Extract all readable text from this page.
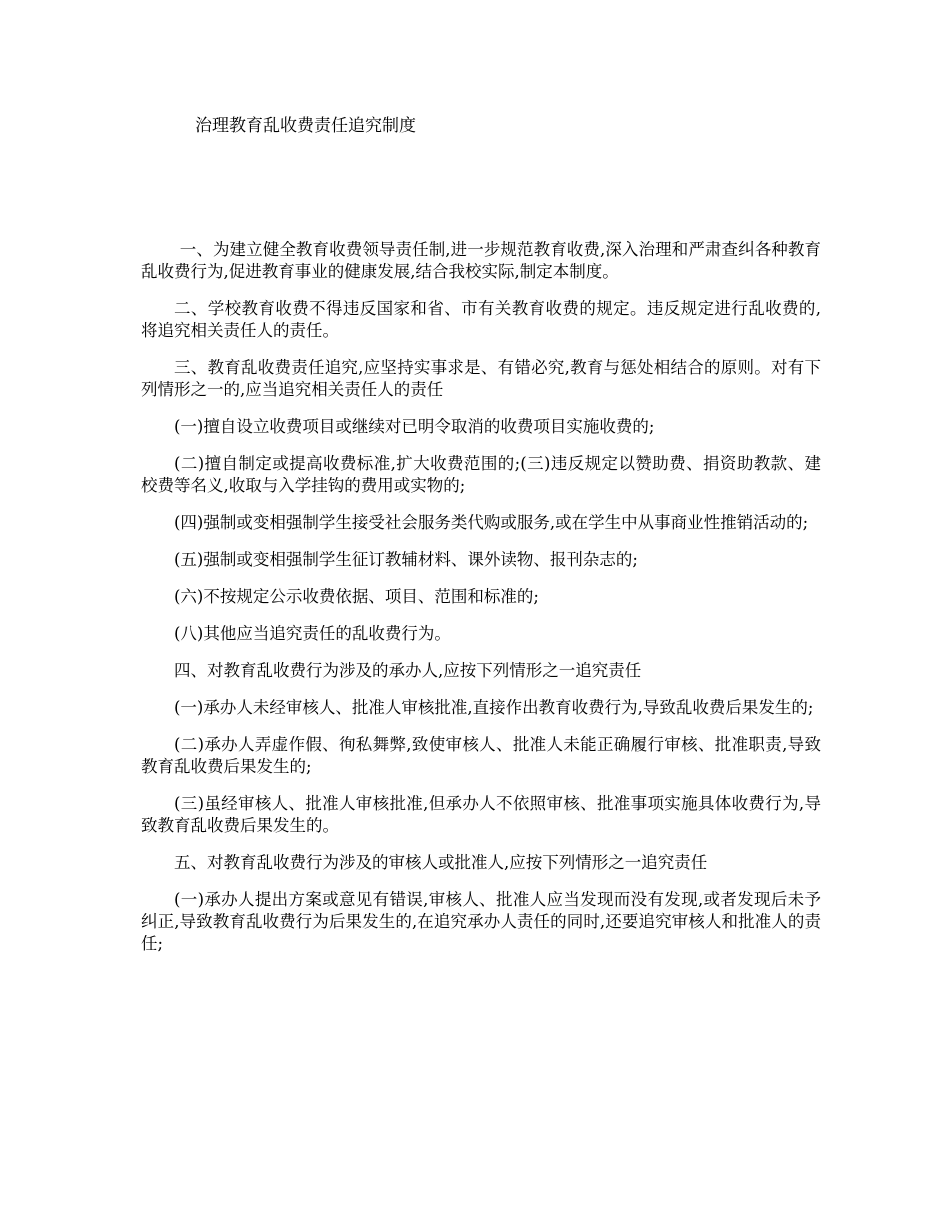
治理教育乱收费责任追究制度

一、为建立健全教育收费领导责任制,进一步规范教育收费,深入治理和严肃查纠各种教育乱收费行为,促进教育事业的健康发展,结合我校实际,制定本制度。

二、学校教育收费不得违反国家和省、市有关教育收费的规定。违反规定进行乱收费的,将追究相关责任人的责任。

三、教育乱收费责任追究,应坚持实事求是、有错必究,教育与惩处相结合的原则。对有下列情形之一的,应当追究相关责任人的责任

(一)擅自设立收费项目或继续对已明令取消的收费项目实施收费的;

(二)擅自制定或提高收费标准,扩大收费范围的;(三)违反规定以赞助费、捐资助教款、建校费等名义,收取与入学挂钩的费用或实物的;

(四)强制或变相强制学生接受社会服务类代购或服务,或在学生中从事商业性推销活动的;

(五)强制或变相强制学生征订教辅材料、课外读物、报刊杂志的;

(六)不按规定公示收费依据、项目、范围和标准的;

(八)其他应当追究责任的乱收费行为。

四、对教育乱收费行为涉及的承办人,应按下列情形之一追究责任

(一)承办人未经审核人、批准人审核批准,直接作出教育收费行为,导致乱收费后果发生的;

(二)承办人弄虚作假、徇私舞弊,致使审核人、批准人未能正确履行审核、批准职责,导致教育乱收费后果发生的;

(三)虽经审核人、批准人审核批准,但承办人不依照审核、批准事项实施具体收费行为,导致教育乱收费后果发生的。

五、对教育乱收费行为涉及的审核人或批准人,应按下列情形之一追究责任

(一)承办人提出方案或意见有错误,审核人、批准人应当发现而没有发现,或者发现后未予纠正,导致教育乱收费行为后果发生的,在追究承办人责任的同时,还要追究审核人和批准人的责任;
